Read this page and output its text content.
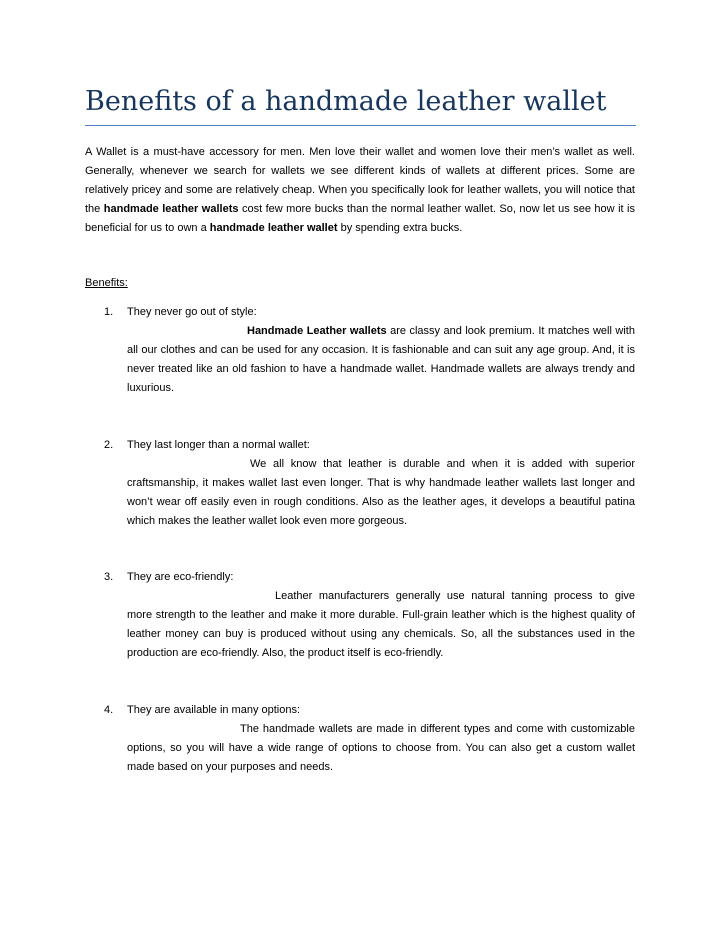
Benefits of a handmade leather wallet

A Wallet is a must-have accessory for men. Men love their wallet and women love their men’s wallet as well. Generally, whenever we search for wallets we see different kinds of wallets at different prices. Some are relatively pricey and some are relatively cheap. When you specifically look for leather wallets, you will notice that the handmade leather wallets cost few more bucks than the normal leather wallet. So, now let us see how it is beneficial for us to own a handmade leather wallet by spending extra bucks.

Benefits:

1. They never go out of style:

Handmade Leather wallets are classy and look premium. It matches well with all our clothes and can be used for any occasion. It is fashionable and can suit any age group. And, it is never treated like an old fashion to have a handmade wallet. Handmade wallets are always trendy and luxurious.

2. They last longer than a normal wallet:

We all know that leather is durable and when it is added with superior craftsmanship, it makes wallet last even longer. That is why handmade leather wallets last longer and won’t wear off easily even in rough conditions. Also as the leather ages, it develops a beautiful patina which makes the leather wallet look even more gorgeous.

3. They are eco-friendly:

Leather manufacturers generally use natural tanning process to give more strength to the leather and make it more durable. Full-grain leather which is the highest quality of leather money can buy is produced without using any chemicals. So, all the substances used in the production are eco-friendly. Also, the product itself is eco-friendly.

4. They are available in many options:

The handmade wallets are made in different types and come with customizable options, so you will have a wide range of options to choose from. You can also get a custom wallet made based on your purposes and needs.
